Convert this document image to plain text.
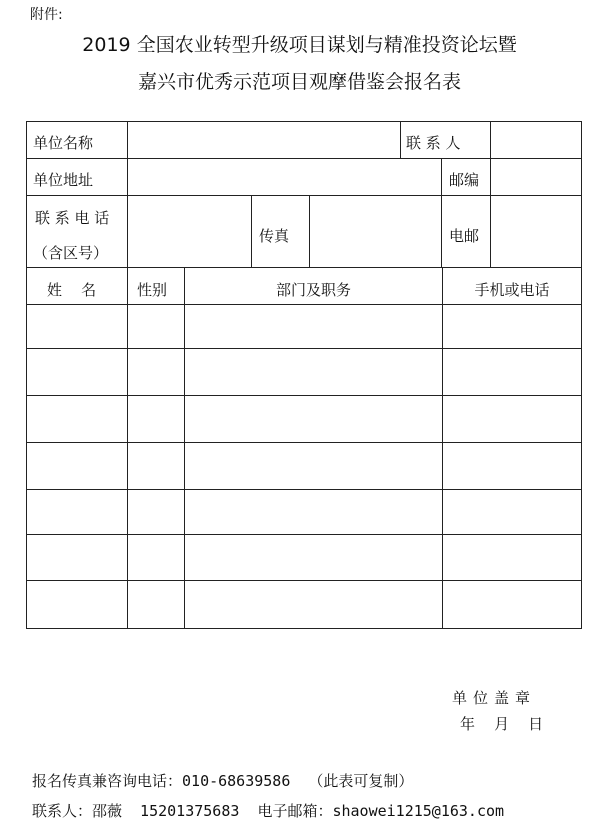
附件:
2019 全国农业转型升级项目谋划与精准投资论坛暨
嘉兴市优秀示范项目观摩借鉴会报名表
单位名称	联 系 人
单位地址	邮编
联 系 电 话
（含区号）
传真	电邮
姓    名	性别	部门及职务	手机或电话
单位盖章
年    月    日
报名传真兼咨询电话：010-68639586  （此表可复制）
联系人：邵薇  15201375683  电子邮箱：shaowei1215@163.com
